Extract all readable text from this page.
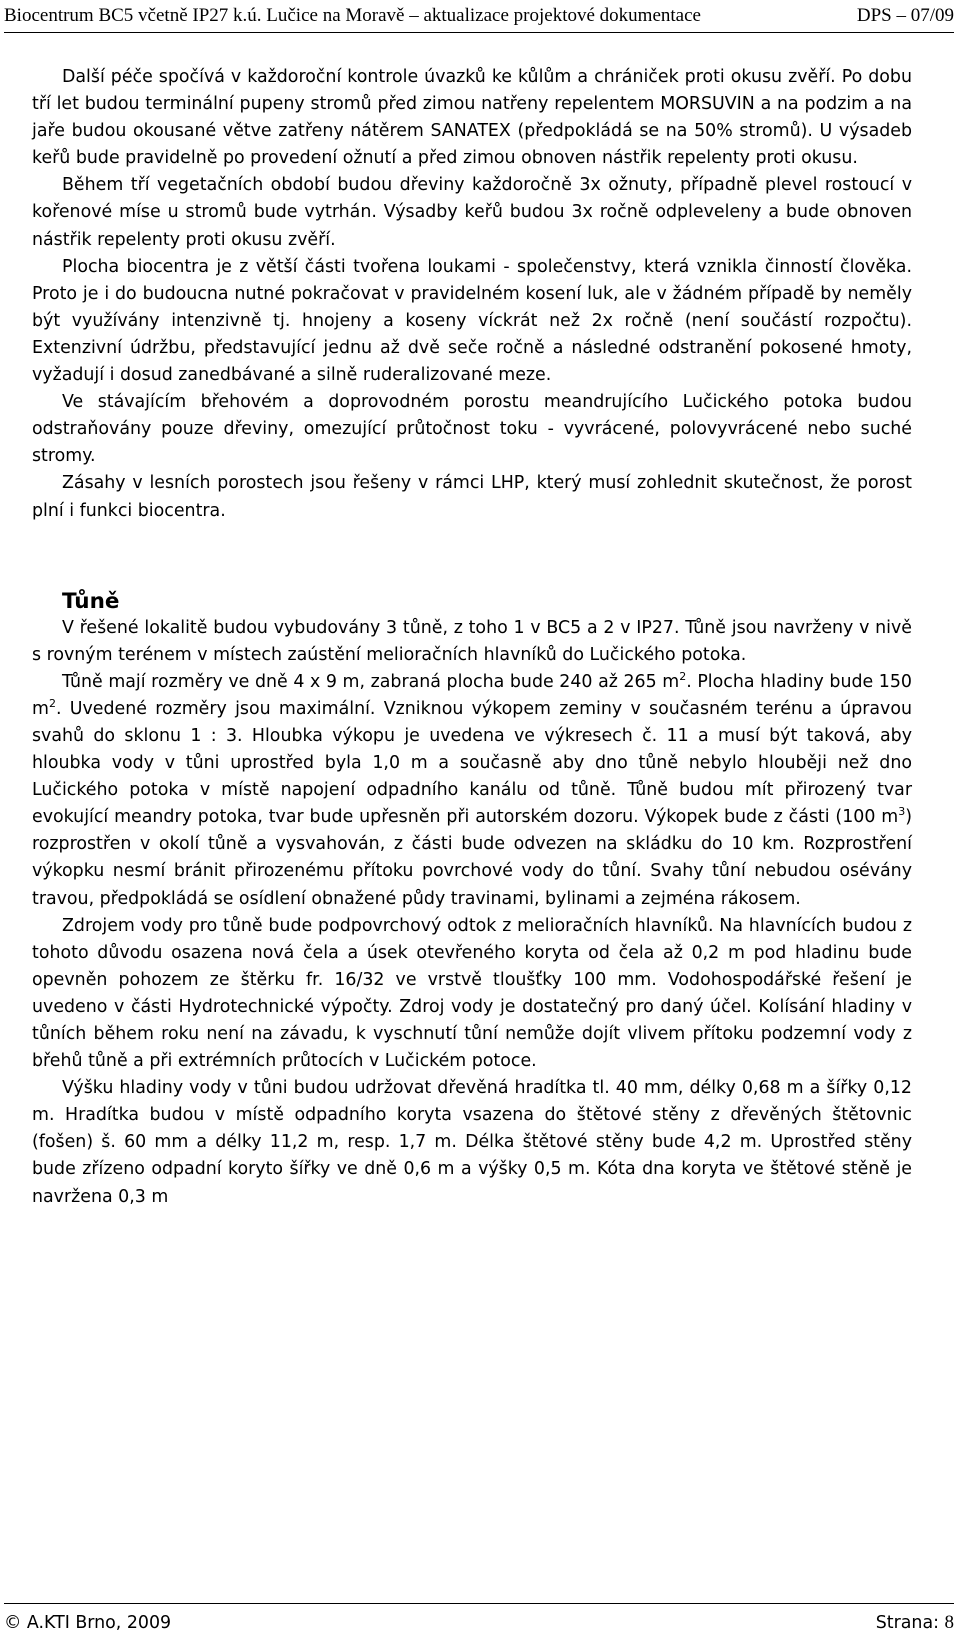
Biocentrum BC5 včetně IP27 k.ú. Lučice na Moravě – aktualizace projektové dokumentace	DPS – 07/09

Další péče spočívá v každoroční kontrole úvazků ke kůlům a chrániček proti okusu zvěří. Po dobu tří let budou terminální pupeny stromů před zimou natřeny repelentem MORSUVIN a na podzim a na jaře budou okousané větve zatřeny nátěrem SANATEX (předpokládá se na 50% stromů). U výsadeb keřů bude pravidelně po provedení ožnutí a před zimou obnoven nástřik repelenty proti okusu.

Během tří vegetačních období budou dřeviny každoročně 3x ožnuty, případně plevel rostoucí v kořenové míse u stromů bude vytrhán. Výsadby keřů budou 3x ročně odpleveleny a bude obnoven nástřik repelenty proti okusu zvěří.

Plocha biocentra je z větší části tvořena loukami - společenstvy, která vznikla činností člověka. Proto je i do budoucna nutné pokračovat v pravidelném kosení luk, ale v žádném případě by neměly být využívány intenzivně tj. hnojeny a koseny víckrát než 2x ročně (není součástí rozpočtu). Extenzivní údržbu, představující jednu až dvě seče ročně a následné odstranění pokosené hmoty, vyžadují i dosud zanedbávané a silně ruderalizované meze.

Ve stávajícím břehovém a doprovodném porostu meandrujícího Lučického potoka budou odstraňovány pouze dřeviny, omezující průtočnost toku - vyvrácené, polovyvrácené nebo suché stromy.

Zásahy v lesních porostech jsou řešeny v rámci LHP, který musí zohlednit skutečnost, že porost plní i funkci biocentra.

Tůně

V řešené lokalitě budou vybudovány 3 tůně, z toho 1 v BC5 a 2 v IP27. Tůně jsou navrženy v nivě s rovným terénem v místech zaústění melioračních hlavníků do Lučického potoka.

Tůně mají rozměry ve dně 4 x 9 m, zabraná plocha bude 240 až 265 $m^2$. Plocha hladiny bude 150 $m^2$. Uvedené rozměry jsou maximální. Vzniknou výkopem zeminy v současném terénu a úpravou svahů do sklonu 1 : 3. Hloubka výkopu je uvedena ve výkresech č. 11 a musí být taková, aby hloubka vody v tůni uprostřed byla 1,0 m a současně aby dno tůně nebylo hlouběji než dno Lučického potoka v místě napojení odpadního kanálu od tůně. Tůně budou mít přirozený tvar evokující meandry potoka, tvar bude upřesněn při autorském dozoru. Výkopek bude z části (100 $m^3$) rozprostřen v okolí tůně a vysvahován, z části bude odvezen na skládku do 10 km. Rozprostření výkopku nesmí bránit přirozenému přítoku povrchové vody do tůní. Svahy tůní nebudou osévány travou, předpokládá se osídlení obnažené půdy travinami, bylinami a zejména rákosem.

Zdrojem vody pro tůně bude podpovrchový odtok z melioračních hlavníků. Na hlavnících budou z tohoto důvodu osazena nová čela a úsek otevřeného koryta od čela až 0,2 m pod hladinu bude opevněn pohozem ze štěrku fr. 16/32 ve vrstvě tloušťky 100 mm. Vodohospodářské řešení je uvedeno v části Hydrotechnické výpočty. Zdroj vody je dostatečný pro daný účel. Kolísání hladiny v tůních během roku není na závadu, k vyschnutí tůní nemůže dojít vlivem přítoku podzemní vody z břehů tůně a při extrémních průtocích v Lučickém potoce.

Výšku hladiny vody v tůni budou udržovat dřevěná hradítka tl. 40 mm, délky 0,68 m a šířky 0,12 m. Hradítka budou v místě odpadního koryta vsazena do štětové stěny z dřevěných štětovnic (fošen) š. 60 mm a délky 11,2 m, resp. 1,7 m. Délka štětové stěny bude 4,2 m. Uprostřed stěny bude zřízeno odpadní koryto šířky ve dně 0,6 m a výšky 0,5 m. Kóta dna koryta ve štětové stěně je navržena 0,3 m

© A.KTI Brno, 2009	Strana: 8
